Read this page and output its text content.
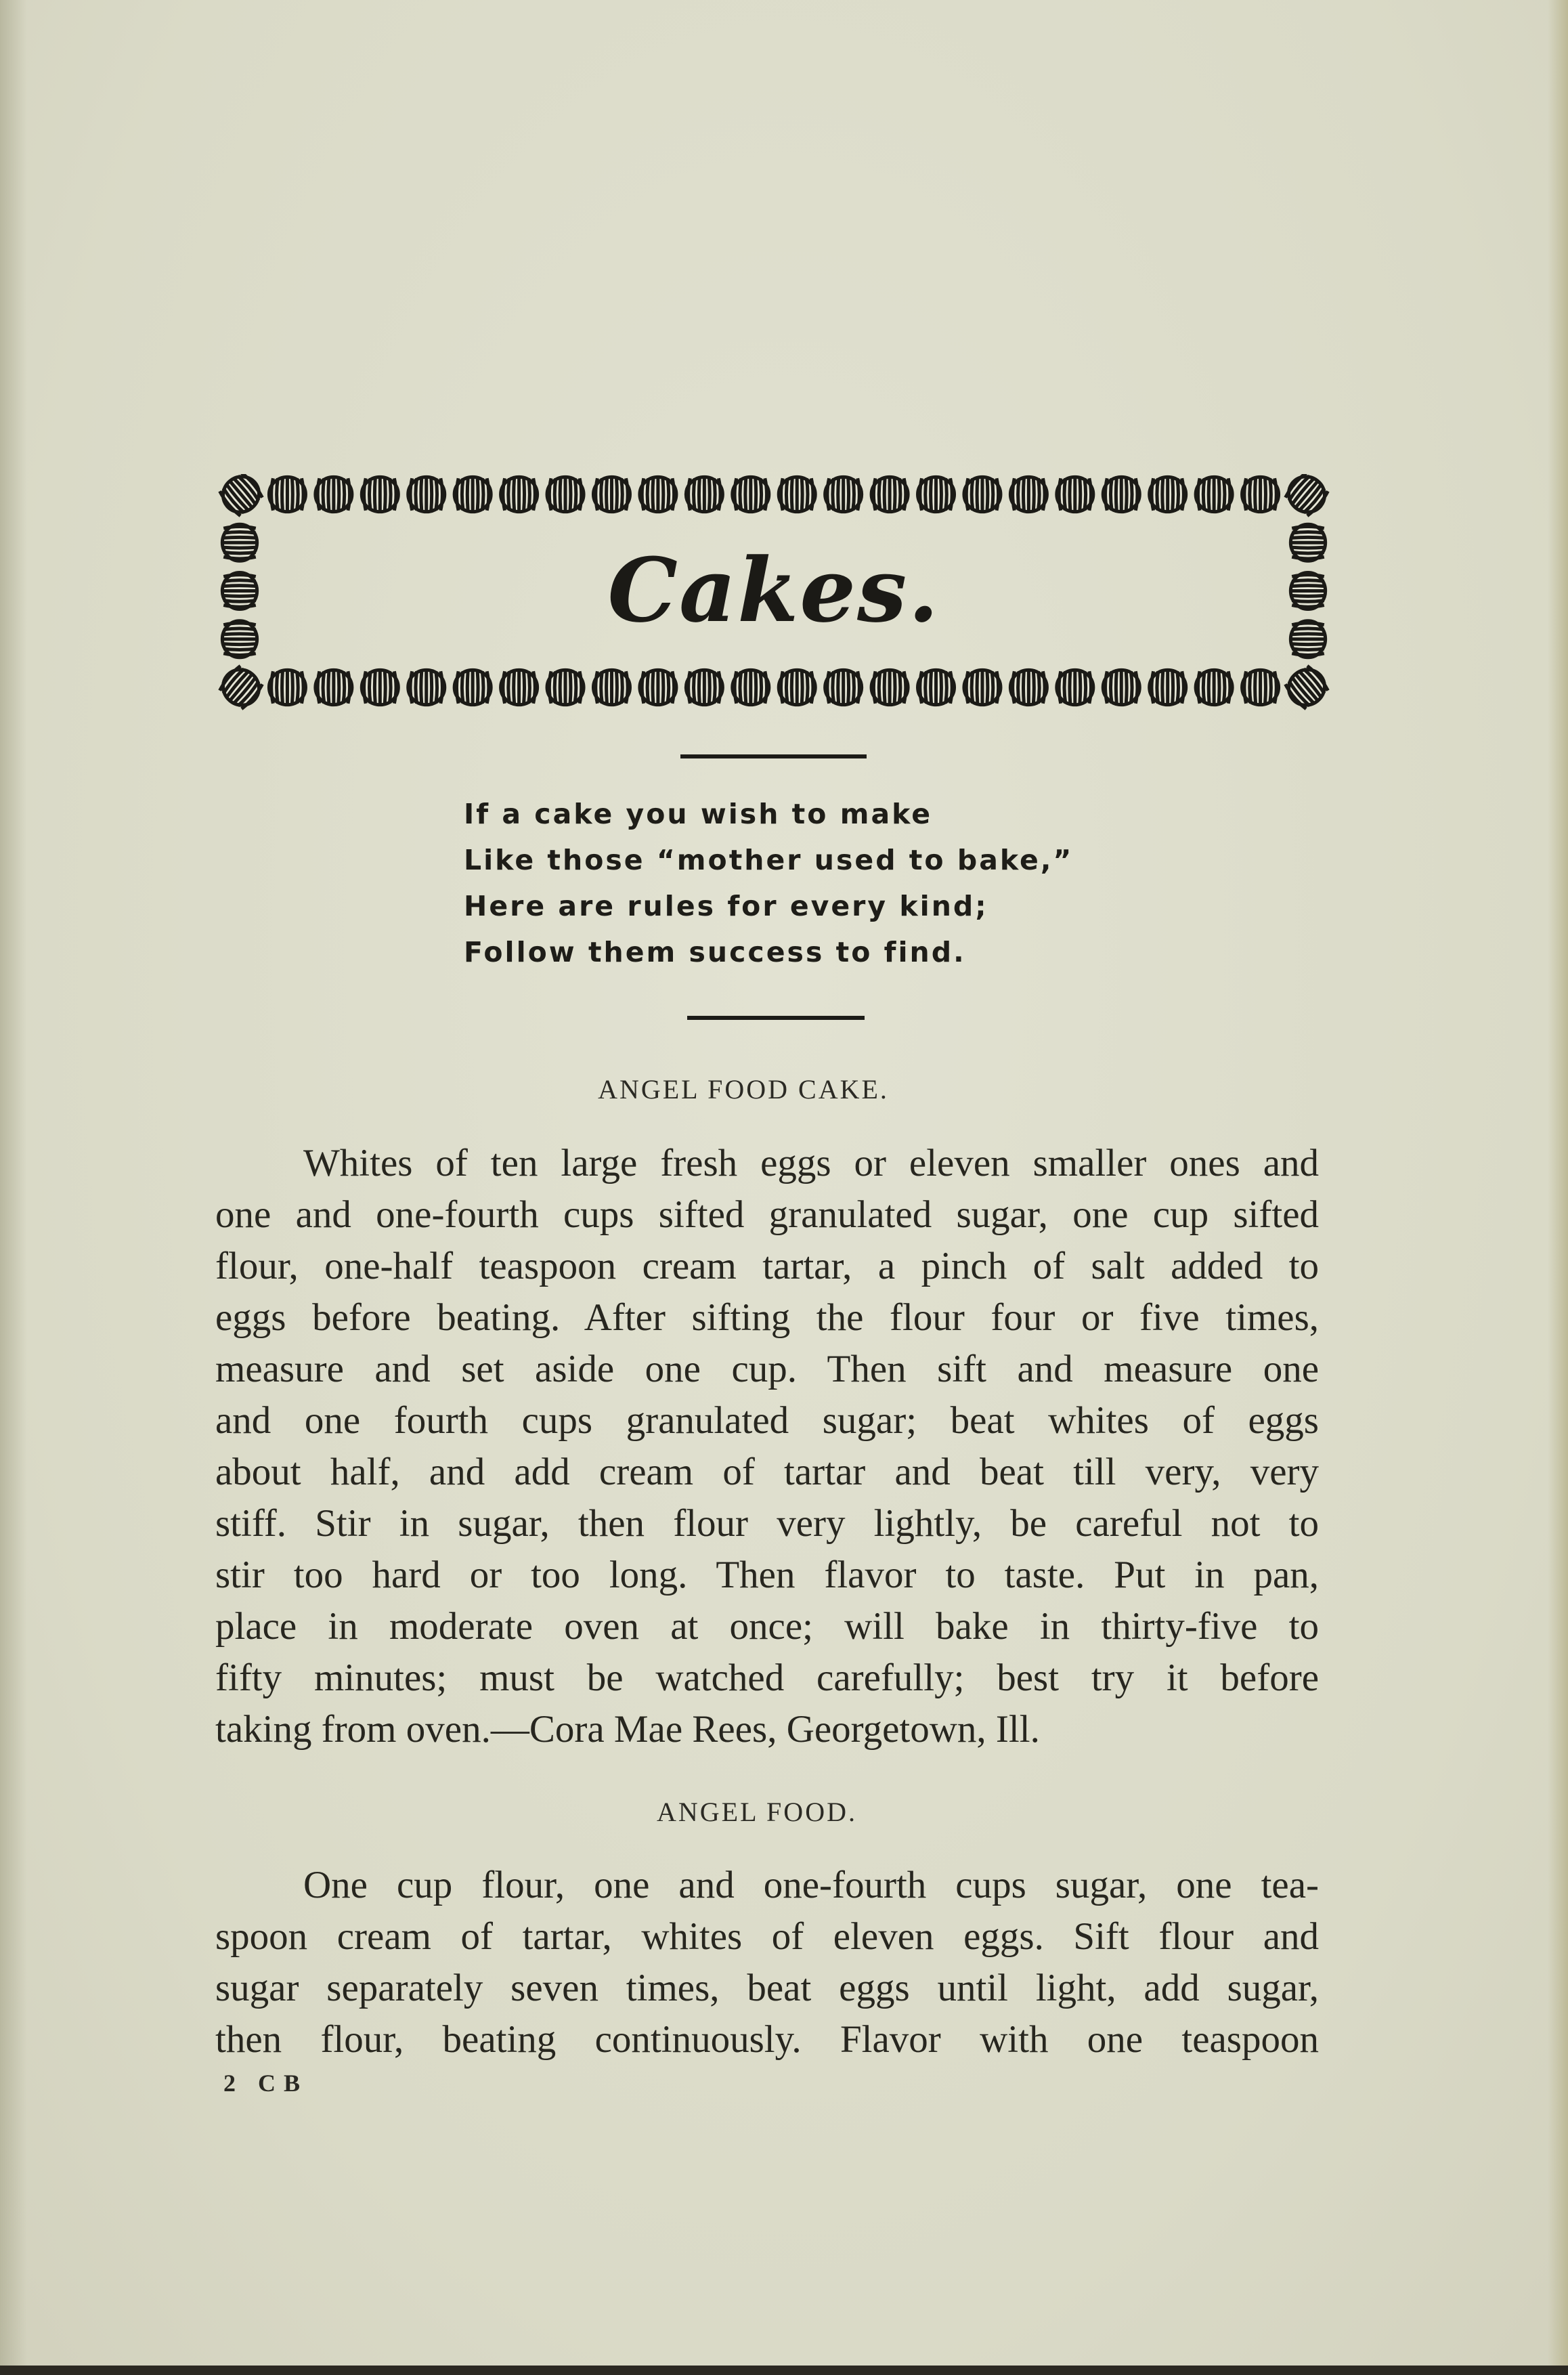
Cakes.
If a cake you wish to make
Like those “mother used to bake,”
Here are rules for every kind;
Follow them success to find.
ANGEL FOOD CAKE.
Whites of ten large fresh eggs or eleven smaller ones and
one and one-fourth cups sifted granulated sugar, one cup sifted
flour, one-half teaspoon cream tartar, a pinch of salt added to
eggs before beating. After sifting the flour four or five times,
measure and set aside one cup. Then sift and measure one
and one fourth cups granulated sugar; beat whites of eggs
about half, and add cream of tartar and beat till very, very
stiff. Stir in sugar, then flour very lightly, be careful not to
stir too hard or too long. Then flavor to taste. Put in pan,
place in moderate oven at once; will bake in thirty-five to
fifty minutes; must be watched carefully; best try it before
taking from oven.—Cora Mae Rees, Georgetown, Ill.
ANGEL FOOD.
One cup flour, one and one-fourth cups sugar, one tea-
spoon cream of tartar, whites of eleven eggs. Sift flour and
sugar separately seven times, beat eggs until light, add sugar,
then flour, beating continuously. Flavor with one teaspoon
2 CB
